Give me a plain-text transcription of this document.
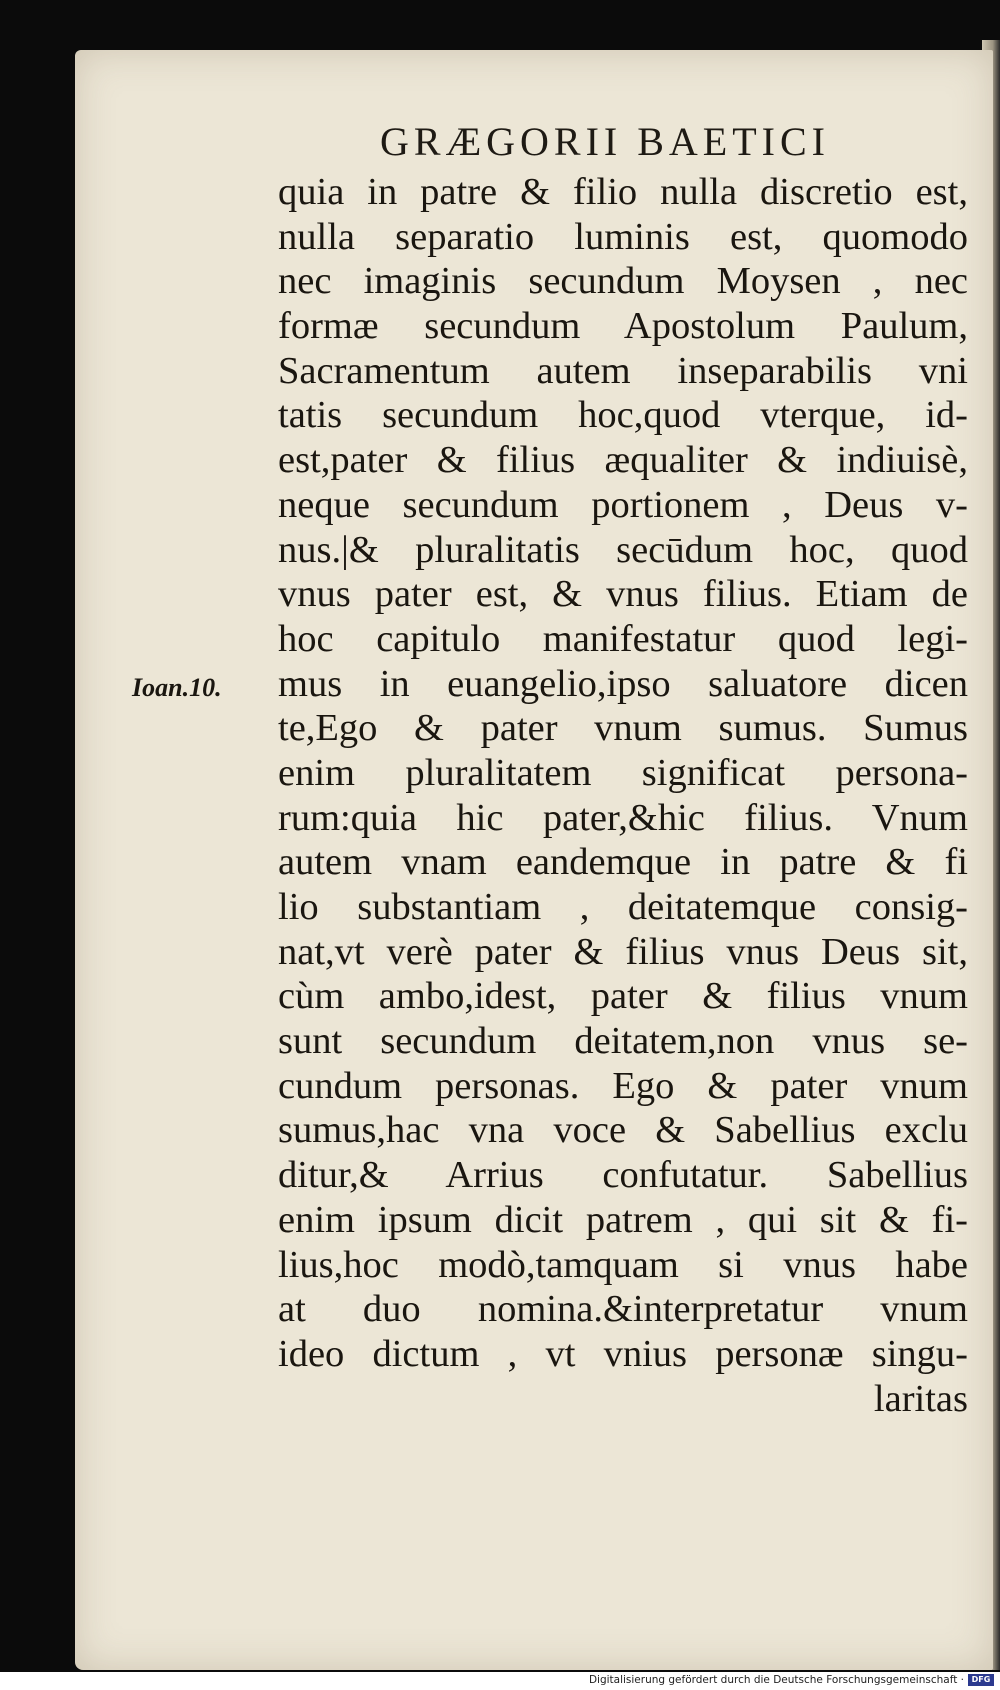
GRÆGORII BAETICI
Ioan.10.
quia in patre & filio nulla discretio est,
nulla separatio luminis est, quomodo
nec imaginis secundum Moysen , nec
formæ secundum Apostolum Paulum,
Sacramentum autem inseparabilis vni
tatis secundum hoc,quod vterque, id-
est,pater & filius æqualiter & indiuisè,
neque secundum portionem , Deus v-
nus.|& pluralitatis secūdum hoc, quod
vnus pater est, & vnus filius. Etiam de
hoc capitulo manifestatur quod legi-
mus in euangelio,ipso saluatore dicen
te,Ego & pater vnum sumus. Sumus
enim pluralitatem significat persona-
rum:quia hic pater,&hic filius. Vnum
autem vnam eandemque in patre & fi
lio substantiam , deitatemque consig-
nat,vt verè pater & filius vnus Deus sit,
cùm ambo,idest, pater & filius vnum
sunt secundum deitatem,non vnus se-
cundum personas. Ego & pater vnum
sumus,hac vna voce & Sabellius exclu
ditur,& Arrius confutatur. Sabellius
enim ipsum dicit patrem , qui sit & fi-
lius,hoc modò,tamquam si vnus habe
at duo nomina.&interpretatur vnum
ideo dictum , vt vnius personæ singu-
laritas
Digitalisierung gefördert durch die Deutsche Forschungsgemeinschaft · DFG
